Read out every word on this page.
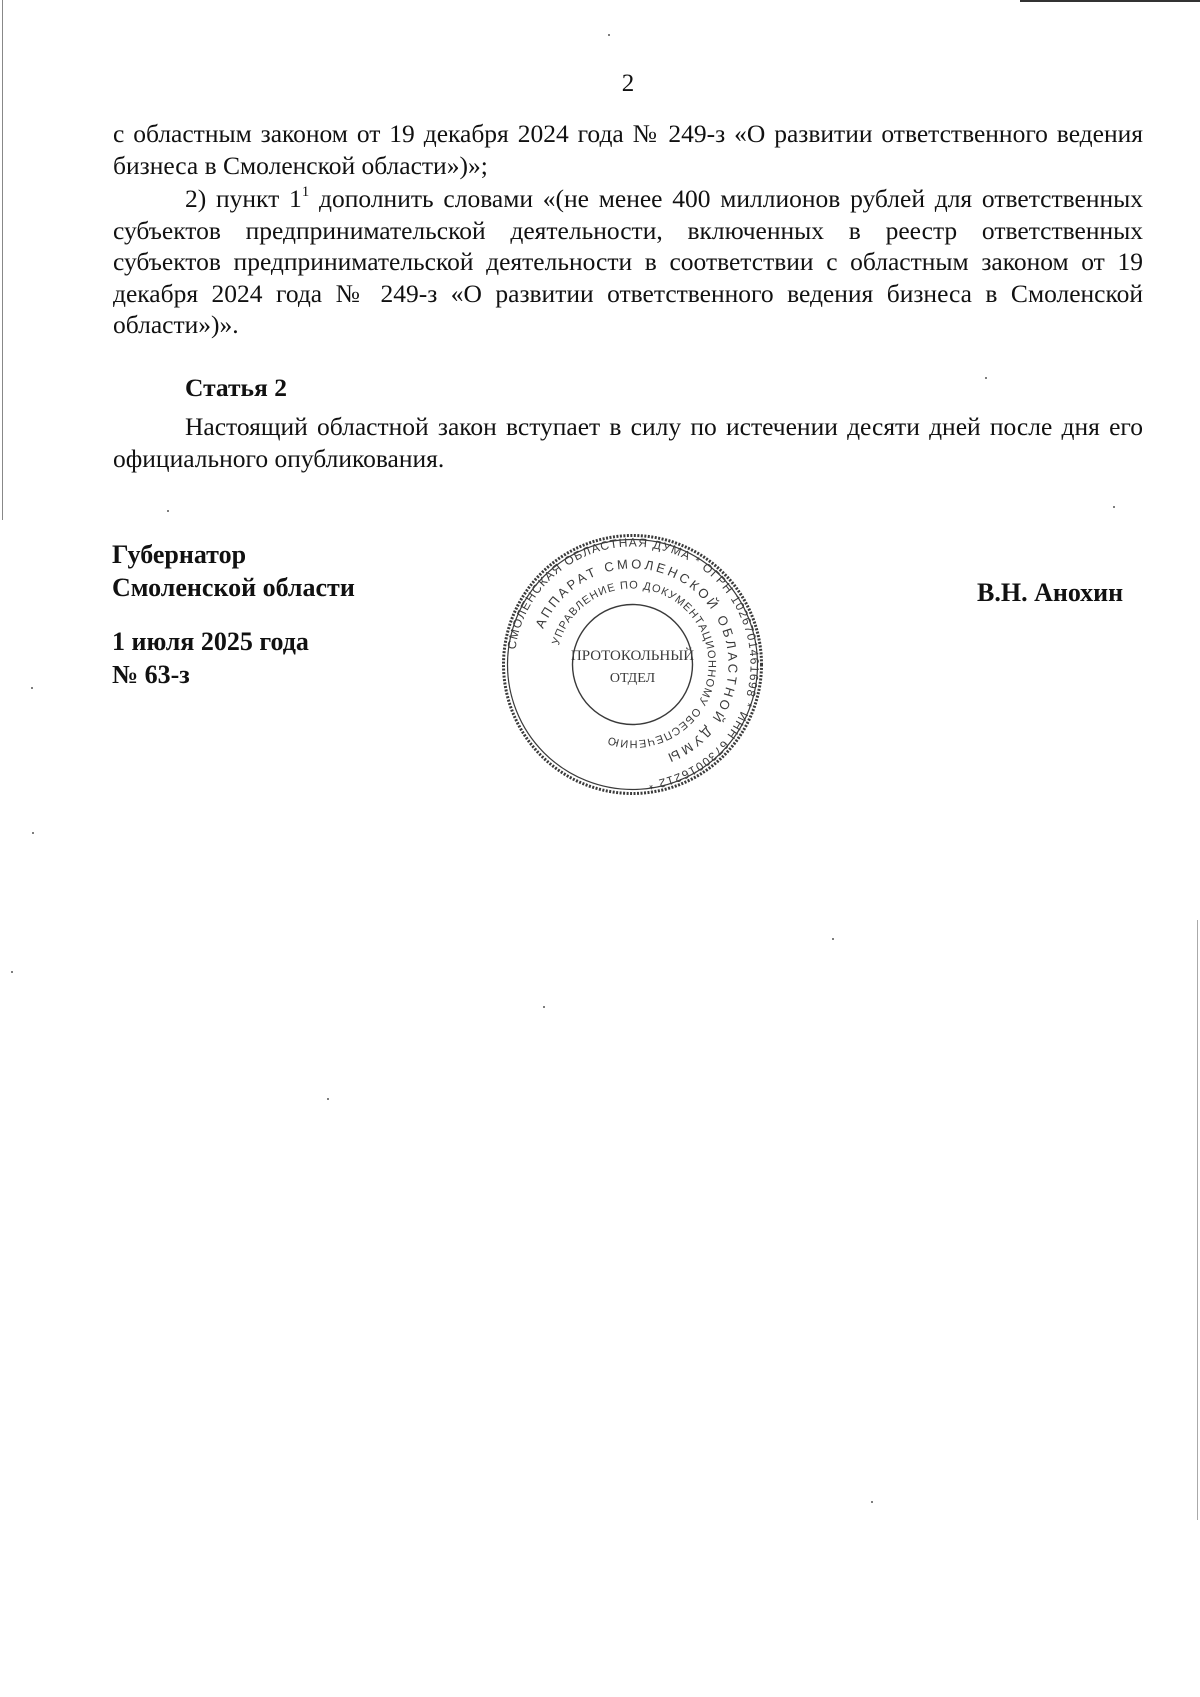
2

с областным законом от 19 декабря 2024 года № 249-з «О развитии ответственного ведения бизнеса в Смоленской области»)»;

2) пункт $1^1$ дополнить словами «(не менее 400 миллионов рублей для ответственных субъектов предпринимательской деятельности, включенных в реестр ответственных субъектов предпринимательской деятельности в соответствии с областным законом от 19 декабря 2024 года № 249-з «О развитии ответственного ведения бизнеса в Смоленской области»)».

Статья 2

Настоящий областной закон вступает в силу по истечении десяти дней после дня его официального опубликования.

Губернатор
Смоленской области
1 июля 2025 года
№ 63-з
В.Н. Анохин
СМОЛЕНСКАЯ ОБЛАСТНАЯ ДУМА * ОГРН 1026701461698 * ИНН 6730016212 *
АППАРАТ СМОЛЕНСКОЙ ОБЛАСТНОЙ ДУМЫ
УПРАВЛЕНИЕ ПО ДОКУМЕНТАЦИОННОМУ ОБЕСПЕЧЕНИЮ
ПРОТОКОЛЬНЫЙ
ОТДЕЛ
